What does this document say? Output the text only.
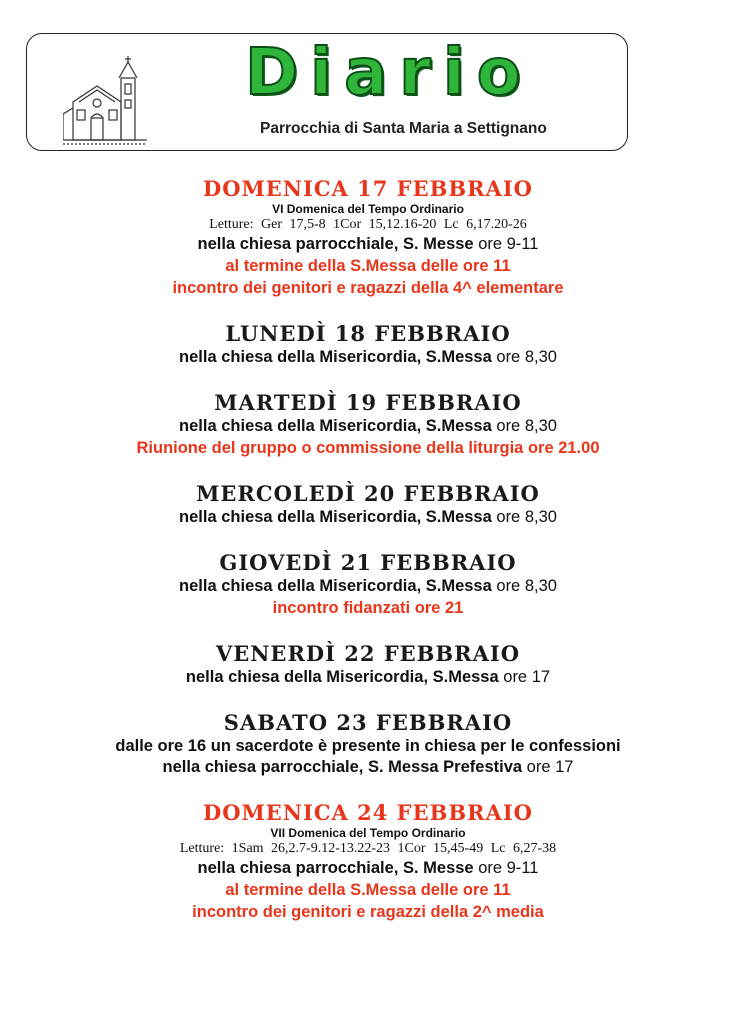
Diario
Parrocchia di Santa Maria a Settignano
DOMENICA 17 FEBBRAIO
VI Domenica del Tempo Ordinario
Letture: Ger 17,5-8 1Cor 15,12.16-20 Lc 6,17.20-26
nella chiesa parrocchiale, S. Messe ore 9-11
al termine della S.Messa delle ore 11
incontro dei genitori e ragazzi della 4^ elementare
LUNEDÌ 18 FEBBRAIO
nella chiesa della Misericordia, S.Messa ore 8,30
MARTEDÌ 19 FEBBRAIO
nella chiesa della Misericordia, S.Messa ore 8,30
Riunione del gruppo o commissione della liturgia ore 21.00
MERCOLEDÌ 20 FEBBRAIO
nella chiesa della Misericordia, S.Messa ore 8,30
GIOVEDÌ 21 FEBBRAIO
nella chiesa della Misericordia, S.Messa ore 8,30
incontro fidanzati ore 21
VENERDÌ 22 FEBBRAIO
nella chiesa della Misericordia, S.Messa ore 17
SABATO 23 FEBBRAIO
dalle ore 16 un sacerdote è presente in chiesa per le confessioni
nella chiesa parrocchiale, S. Messa Prefestiva ore 17
DOMENICA 24 FEBBRAIO
VII Domenica del Tempo Ordinario
Letture: 1Sam 26,2.7-9.12-13.22-23 1Cor 15,45-49 Lc 6,27-38
nella chiesa parrocchiale, S. Messe ore 9-11
al termine della S.Messa delle ore 11
incontro dei genitori e ragazzi della 2^ media
